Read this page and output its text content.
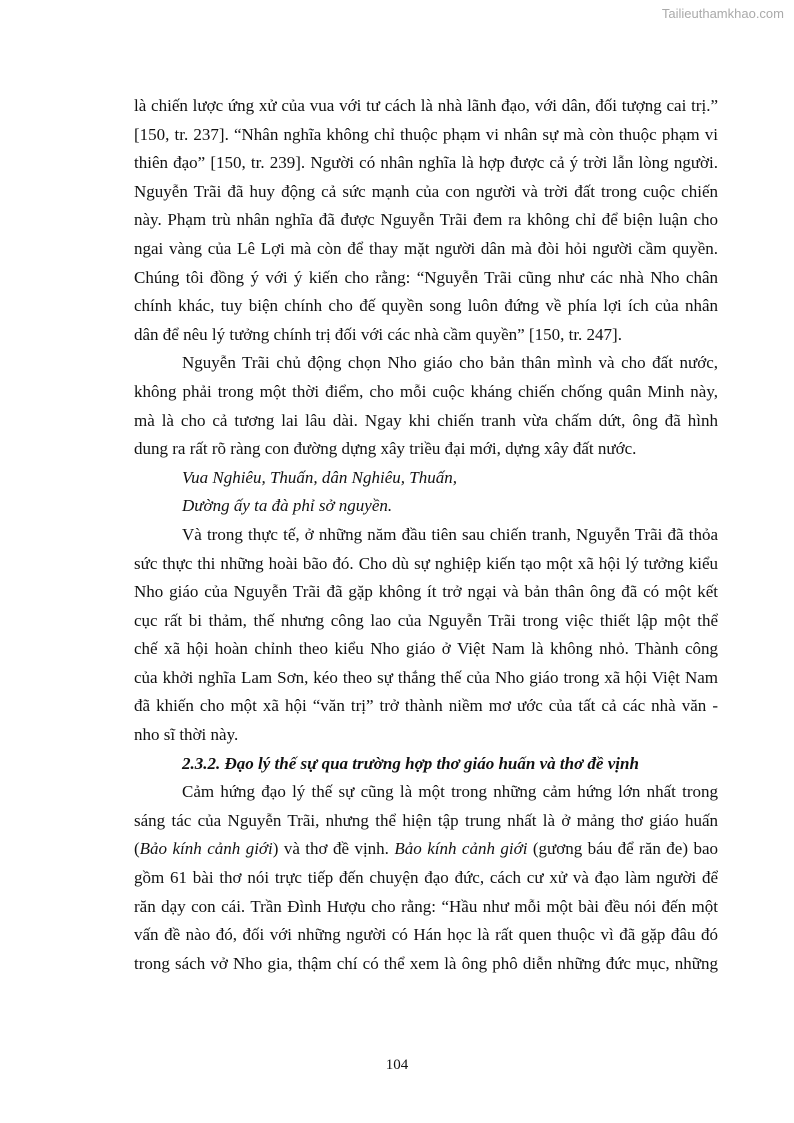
Tailieuthamkhao.com
là chiến lược ứng xử của vua với tư cách là nhà lãnh đạo, với dân, đối tượng cai trị.”
[150, tr. 237]. “Nhân nghĩa không chỉ thuộc phạm vi nhân sự mà còn thuộc phạm vi
thiên đạo” [150, tr. 239]. Người có nhân nghĩa là hợp được cả ý trời lẫn lòng người.
Nguyễn Trãi đã huy động cả sức mạnh của con người và trời đất trong cuộc chiến
này. Phạm trù nhân nghĩa đã được Nguyễn Trãi đem ra không chỉ để biện luận cho
ngai vàng của Lê Lợi mà còn để thay mặt người dân mà đòi hỏi người cầm quyền.
Chúng tôi đồng ý với ý kiến cho rằng: “Nguyễn Trãi cũng như các nhà Nho chân
chính khác, tuy biện chính cho đế quyền song luôn đứng về phía lợi ích của nhân
dân để nêu lý tưởng chính trị đối với các nhà cầm quyền” [150, tr. 247].
Nguyễn Trãi chủ động chọn Nho giáo cho bản thân mình và cho đất nước,
không phải trong một thời điểm, cho mỗi cuộc kháng chiến chống quân Minh này,
mà là cho cả tương lai lâu dài. Ngay khi chiến tranh vừa chấm dứt, ông đã hình
dung ra rất rõ ràng con đường dựng xây triều đại mới, dựng xây đất nước.
Vua Nghiêu, Thuấn, dân Nghiêu, Thuấn,
Dường ấy ta đà phỉ sở nguyền.
Và trong thực tế, ở những năm đầu tiên sau chiến tranh, Nguyễn Trãi đã thỏa
sức thực thi những hoài bão đó. Cho dù sự nghiệp kiến tạo một xã hội lý tưởng kiểu
Nho giáo của Nguyễn Trãi đã gặp không ít trở ngại và bản thân ông đã có một kết
cục rất bi thảm, thế nhưng công lao của Nguyễn Trãi trong việc thiết lập một thể
chế xã hội hoàn chỉnh theo kiểu Nho giáo ở Việt Nam là không nhỏ. Thành công
của khởi nghĩa Lam Sơn, kéo theo sự thắng thế của Nho giáo trong xã hội Việt Nam
đã khiến cho một xã hội “văn trị” trở thành niềm mơ ước của tất cả các nhà văn -
nho sĩ thời này.
2.3.2. Đạo lý thế sự qua trường hợp thơ giáo huấn và thơ đề vịnh
Cảm hứng đạo lý thế sự cũng là một trong những cảm hứng lớn nhất trong
sáng tác của Nguyễn Trãi, nhưng thể hiện tập trung nhất là ở mảng thơ giáo huấn
(Bảo kính cảnh giới) và thơ đề vịnh. Bảo kính cảnh giới (gương báu để răn đe) bao
gồm 61 bài thơ nói trực tiếp đến chuyện đạo đức, cách cư xử và đạo làm người để
răn dạy con cái. Trần Đình Hượu cho rằng: “Hầu như mỗi một bài đều nói đến một
vấn đề nào đó, đối với những người có Hán học là rất quen thuộc vì đã gặp đâu đó
trong sách vở Nho gia, thậm chí có thể xem là ông phô diễn những đức mục, những
104
